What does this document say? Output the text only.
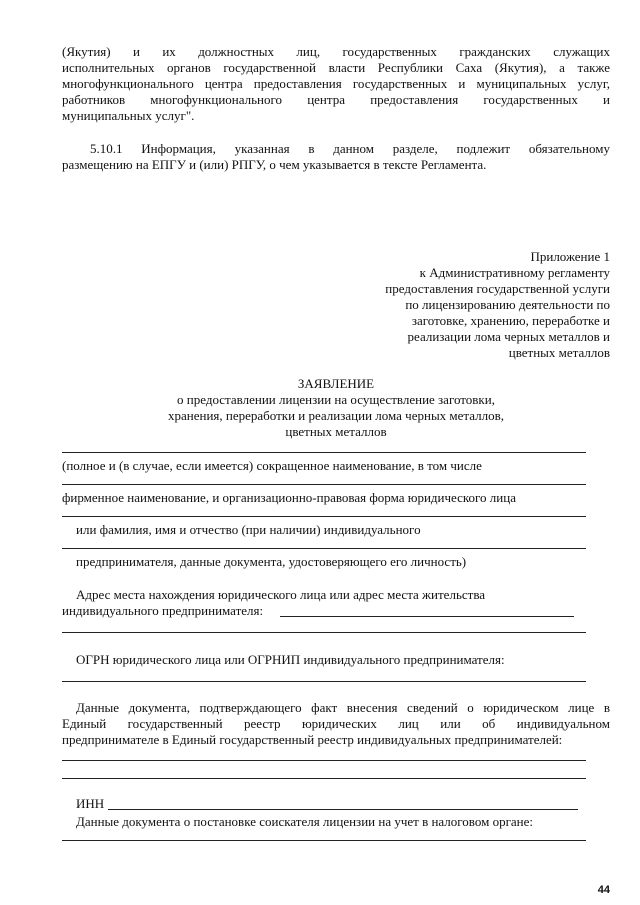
(Якутия) и их должностных лиц, государственных гражданских служащих

исполнительных органов государственной власти Республики Саха (Якутия), а также

многофункционального центра предоставления государственных и муниципальных услуг,

работников многофункционального центра предоставления государственных и

муниципальных услуг".

5.10.1 Информация, указанная в данном разделе, подлежит обязательному

размещению на ЕПГУ и (или) РПГУ, о чем указывается в тексте Регламента.

Приложение 1

к Административному регламенту

предоставления государственной услуги

по лицензированию деятельности по

заготовке, хранению, переработке и

реализации лома черных металлов и

цветных металлов

ЗАЯВЛЕНИЕ

о предоставлении лицензии на осуществление заготовки,

хранения, переработки и реализации лома черных металлов,

цветных металлов

(полное и (в случае, если имеется) сокращенное наименование, в том числе

фирменное наименование, и организационно-правовая форма юридического лица

или фамилия, имя и отчество (при наличии) индивидуального

предпринимателя, данные документа, удостоверяющего его личность)

Адрес места нахождения юридического лица или адрес места жительства

индивидуального предпринимателя:

ОГРН юридического лица или ОГРНИП индивидуального предпринимателя:

Данные документа, подтверждающего факт внесения сведений о юридическом лице в

Единый государственный реестр юридических лиц или об индивидуальном

предпринимателе в Единый государственный реестр индивидуальных предпринимателей:

ИНН

Данные документа о постановке соискателя лицензии на учет в налоговом органе:

44
